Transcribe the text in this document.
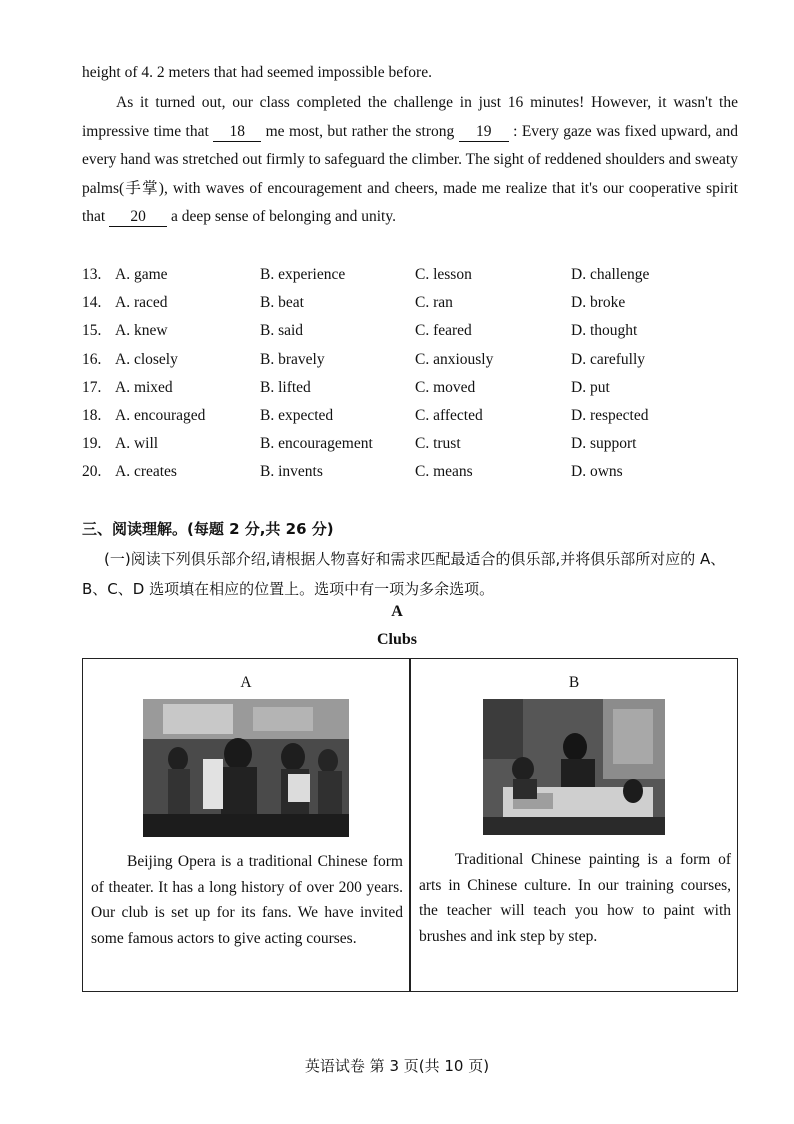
height of 4. 2 meters that had seemed impossible before.
As it turned out, our class completed the challenge in just 16 minutes! However, it wasn't the impressive time that 18 me most, but rather the strong 19 : Every gaze was fixed upward, and every hand was stretched out firmly to safeguard the climber. The sight of reddened shoulders and sweaty palms(手掌), with waves of encouragement and cheers, made me realize that it's our cooperative spirit that 20 a deep sense of belonging and unity.
13. A. game	B. experience	C. lesson	D. challenge
14. A. raced	B. beat	C. ran	D. broke
15. A. knew	B. said	C. feared	D. thought
16. A. closely	B. bravely	C. anxiously	D. carefully
17. A. mixed	B. lifted	C. moved	D. put
18. A. encouraged	B. expected	C. affected	D. respected
19. A. will	B. encouragement	C. trust	D. support
20. A. creates	B. invents	C. means	D. owns
三、阅读理解。(每题 2 分,共 26 分)
(一)阅读下列俱乐部介绍,请根据人物喜好和需求匹配最适合的俱乐部,并将俱乐部所对应的 A、B、C、D 选项填在相应的位置上。选项中有一项为多余选项。
A
Clubs
A
Beijing Opera is a traditional Chinese form of theater. It has a long history of over 200 years. Our club is set up for its fans. We have invited some famous actors to give acting courses.
B
Traditional Chinese painting is a form of arts in Chinese culture. In our training courses, the teacher will teach you how to paint with brushes and ink step by step.
英语试卷 第 3 页(共 10 页)
